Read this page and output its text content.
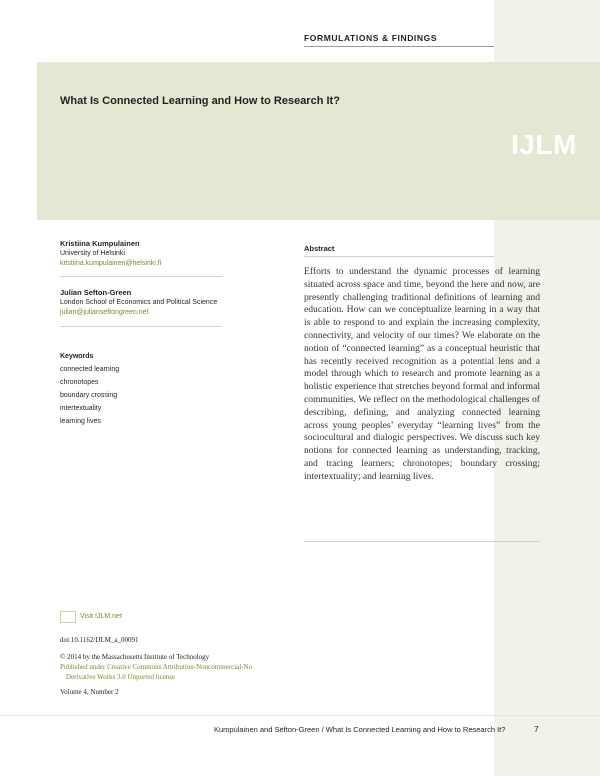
FORMULATIONS & FINDINGS
What Is Connected Learning and How to Research It?
IJLM
Kristiina Kumpulainen
University of Helsinki
kristiina.kumpulainen@helsinki.fi
Julian Sefton-Green
London School of Economics and Political Science
julian@julianseftongreen.net
Keywords
connected learning
chronotopes
boundary crossing
intertextuality
learning lives
Abstract

Efforts to understand the dynamic processes of learning situated across space and time, beyond the here and now, are presently challenging traditional definitions of learning and education. How can we conceptualize learning in a way that is able to respond to and explain the increasing complexity, connectivity, and velocity of our times? We elaborate on the notion of “connected learning” as a conceptual heuristic that has recently received recognition as a potential lens and a model through which to research and promote learning as a holistic experience that stretches beyond formal and informal communities. We reflect on the methodological challenges of describing, defining, and analyzing connected learning across young peoples’ everyday “learning lives” from the sociocultural and dialogic perspectives. We discuss such key notions for connected learning as understanding, tracking, and tracing learners; chronotopes; boundary crossing; intertextuality; and learning lives.

Visit IJLM.net
doi:10.1162/IJLM_a_00091
© 2014 by the Massachusetts Institute of Technology
Published under Creative Commons Attribution-Noncommercial-No
Derivative Works 3.0 Unported license
Volume 4, Number 2
Kumpulainen and Sefton-Green / What Is Connected Learning and How to Research It?	7
